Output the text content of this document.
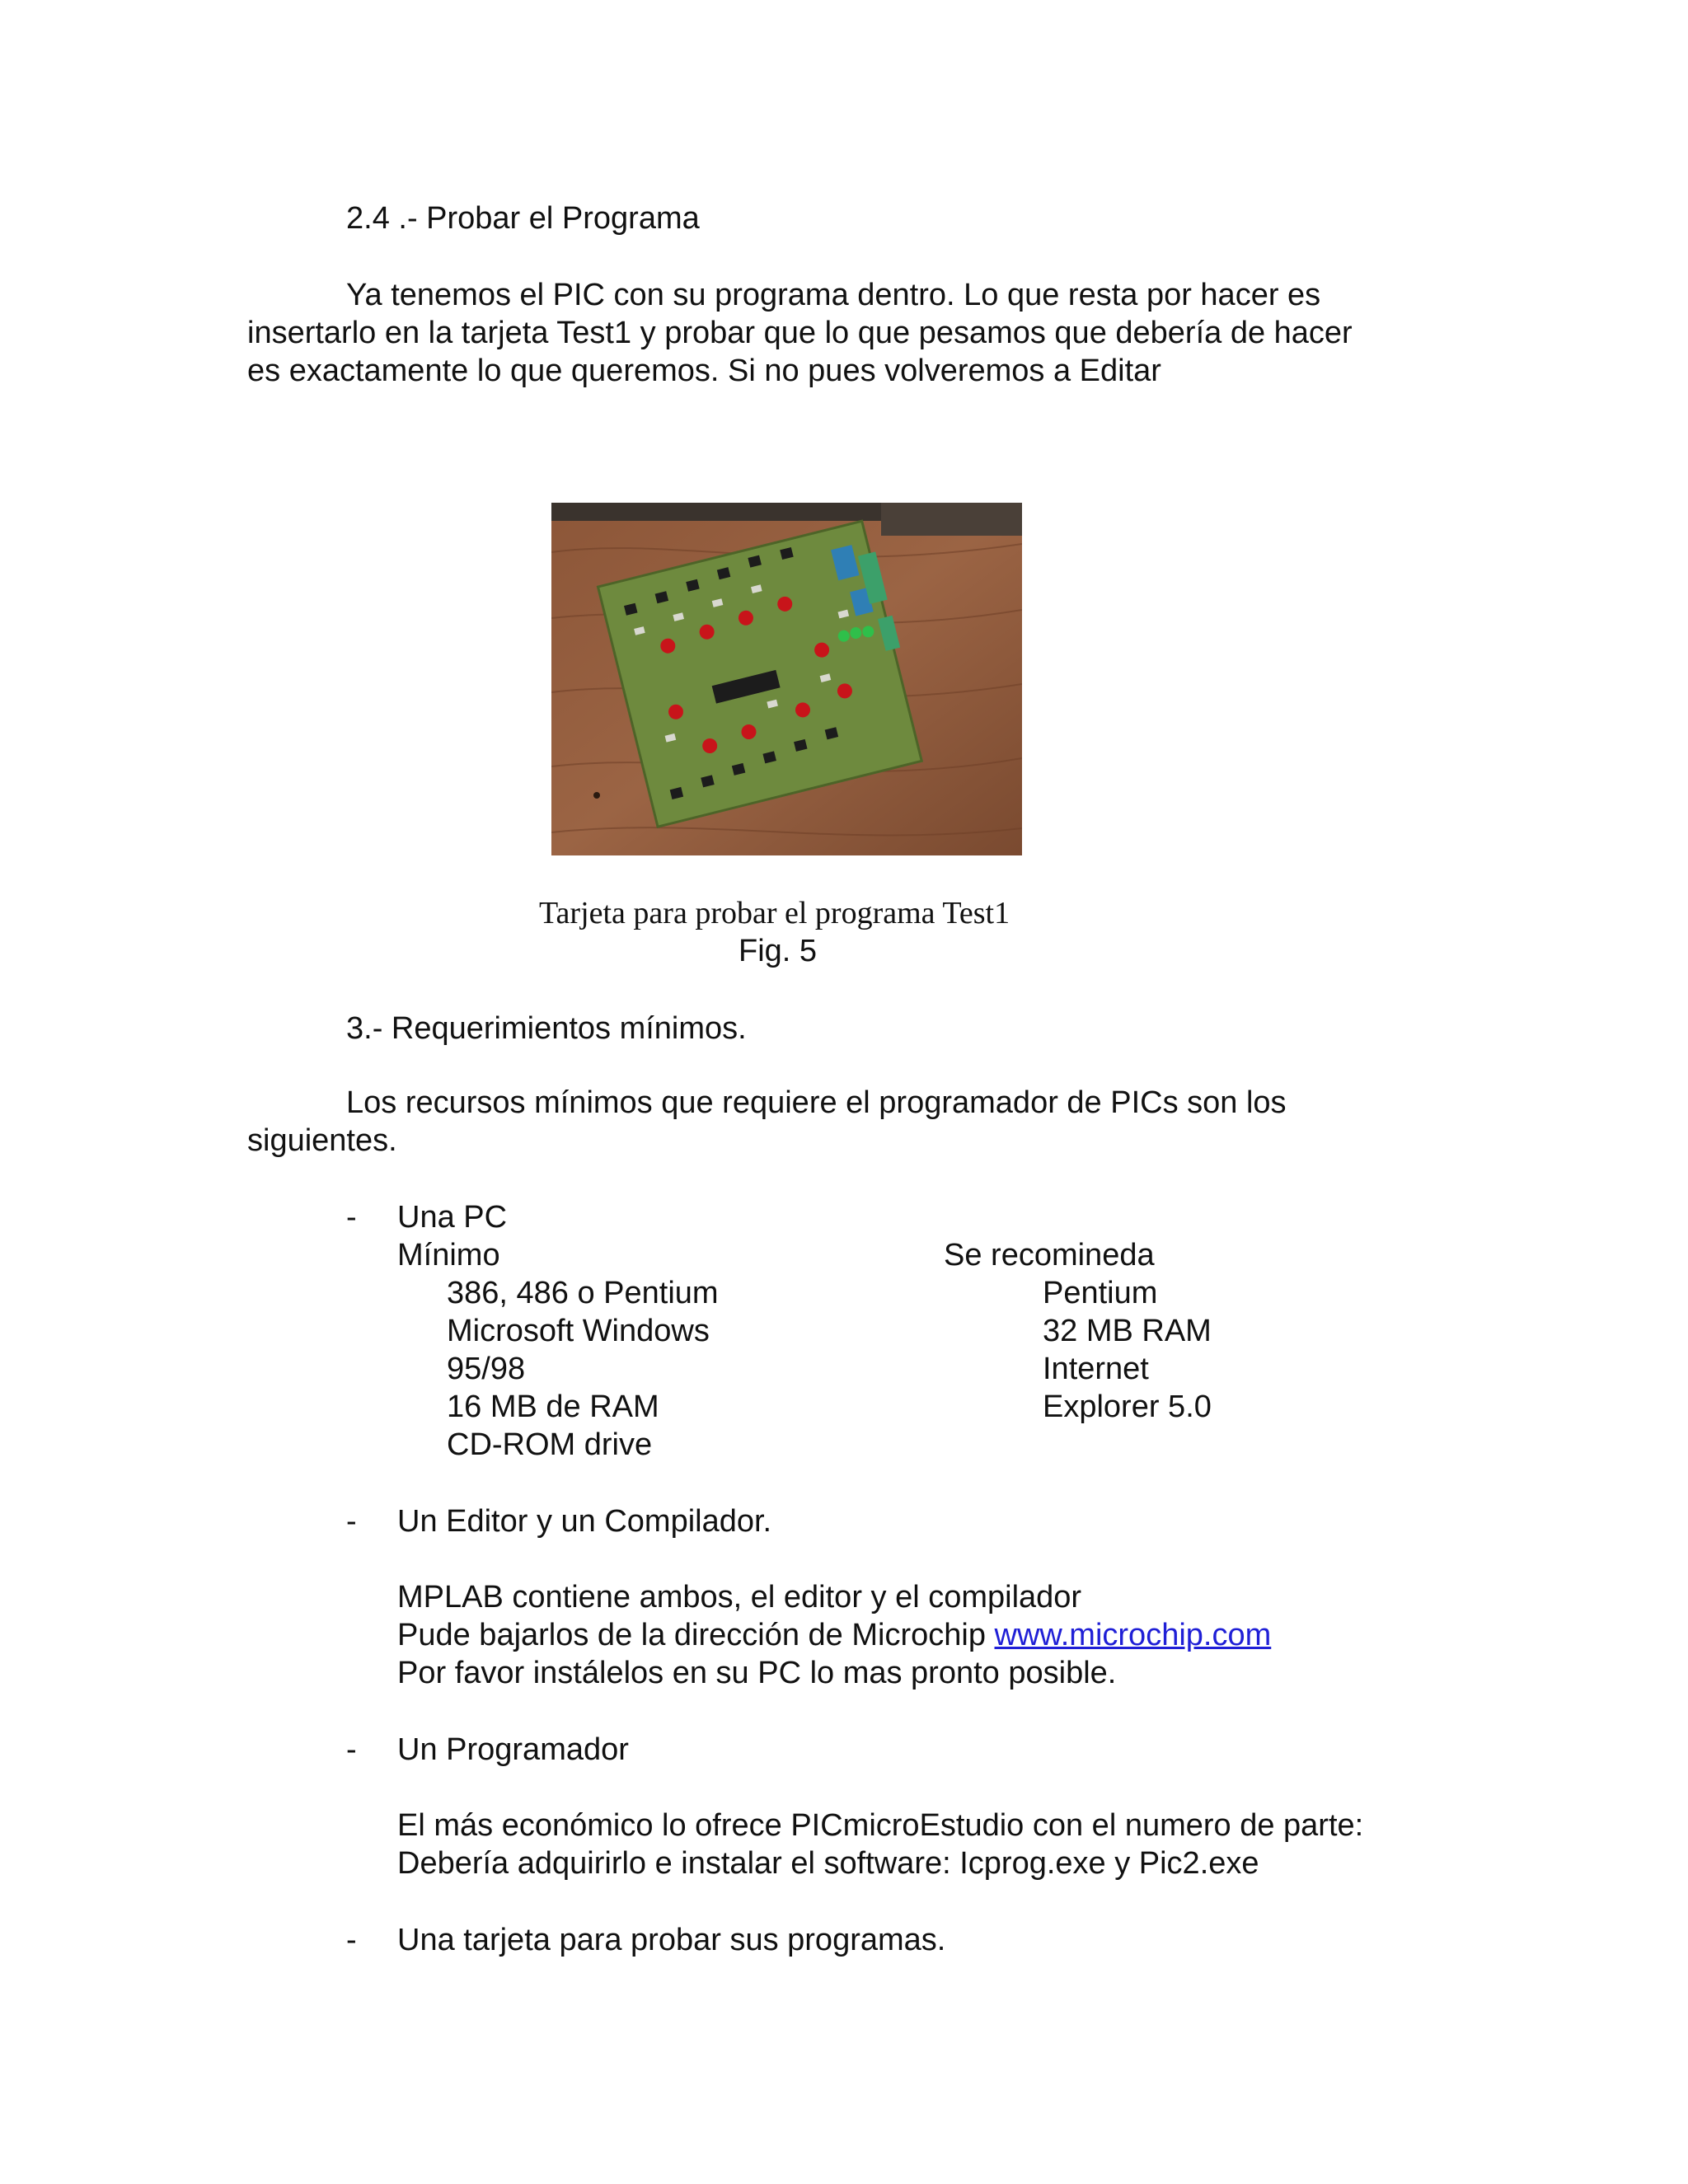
2.4 .- Probar el Programa

Ya tenemos el PIC con su programa dentro. Lo que resta por hacer es
insertarlo en la tarjeta Test1 y probar que lo que pesamos que debería de hacer
es exactamente lo que queremos. Si no pues volveremos a Editar

Tarjeta para probar el programa Test1

Fig. 5

3.- Requerimientos mínimos.

Los recursos mínimos que requiere el programador de PICs son los
siguientes.

- Una PC

Mínimo	Se recomineda

386, 486 o Pentium
Microsoft Windows
95/98
16 MB de RAM
CD-ROM drive
Pentium
32 MB RAM
Internet
Explorer 5.0

- Un Editor y un Compilador.

MPLAB contiene ambos, el editor y el compilador
Pude bajarlos de la dirección de Microchip www.microchip.com
Por favor instálelos en su PC lo mas pronto posible.

- Un Programador

El más económico lo ofrece PICmicroEstudio con el numero de parte:
Debería adquirirlo e instalar el software: Icprog.exe y Pic2.exe

- Una tarjeta para probar sus programas.
